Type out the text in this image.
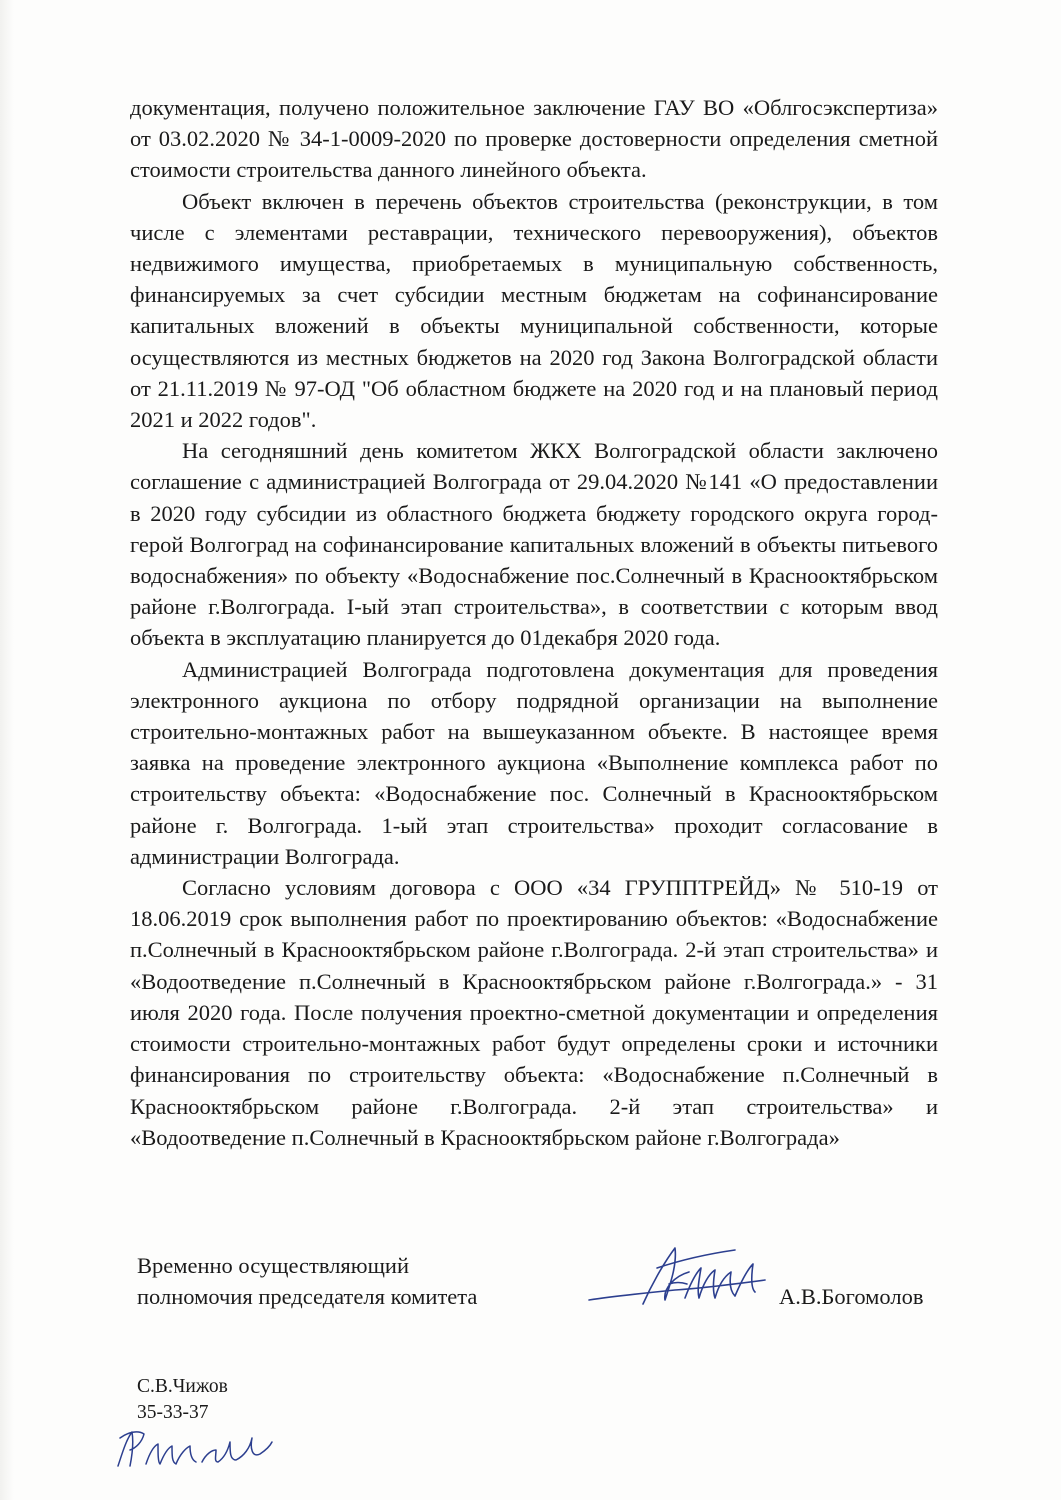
документация, получено положительное заключение ГАУ ВО «Облгосэкспертиза» от 03.02.2020 № 34-1-0009-2020 по проверке достоверности определения сметной стоимости строительства данного линейного объекта.

Объект включен в перечень объектов строительства (реконструкции, в том числе с элементами реставрации, технического перевооружения), объектов недвижимого имущества, приобретаемых в муниципальную собственность, финансируемых за счет субсидии местным бюджетам на софинансирование капитальных вложений в объекты муниципальной собственности, которые осуществляются из местных бюджетов на 2020 год Закона Волгоградской области от 21.11.2019 № 97-ОД "Об областном бюджете на 2020 год и на плановый период 2021 и 2022 годов".

На сегодняшний день комитетом ЖКХ Волгоградской области заключено соглашение с администрацией Волгограда от 29.04.2020 №141 «О предоставлении в 2020 году субсидии из областного бюджета бюджету городского округа город-герой Волгоград на софинансирование капитальных вложений в объекты питьевого водоснабжения» по объекту «Водоснабжение пос.Солнечный в Краснооктябрьском районе г.Волгограда. I-ый этап строительства», в соответствии с которым ввод объекта в эксплуатацию планируется до 01декабря 2020 года.

Администрацией Волгограда подготовлена документация для проведения электронного аукциона по отбору подрядной организации на выполнение строительно-монтажных работ на вышеуказанном объекте. В настоящее время заявка на проведение электронного аукциона «Выполнение комплекса работ по строительству объекта: «Водоснабжение пос. Солнечный в Краснооктябрьском районе г. Волгограда. 1-ый этап строительства» проходит согласование в администрации Волгограда.

Согласно условиям договора с ООО «34 ГРУППТРЕЙД» № 510-19 от 18.06.2019 срок выполнения работ по проектированию объектов: «Водоснабжение п.Солнечный в Краснооктябрьском районе г.Волгограда. 2-й этап строительства» и «Водоотведение п.Солнечный в Краснооктябрьском районе г.Волгограда.» - 31 июля 2020 года. После получения проектно-сметной документации и определения стоимости строительно-монтажных работ будут определены сроки и источники финансирования по строительству объекта: «Водоснабжение п.Солнечный в Краснооктябрьском районе г.Волгограда. 2-й этап строительства» и «Водоотведение п.Солнечный в Краснооктябрьском районе г.Волгограда»

Временно осуществляющий

полномочия председателя комитета	А.В.Богомолов

С.В.Чижов

35-33-37
